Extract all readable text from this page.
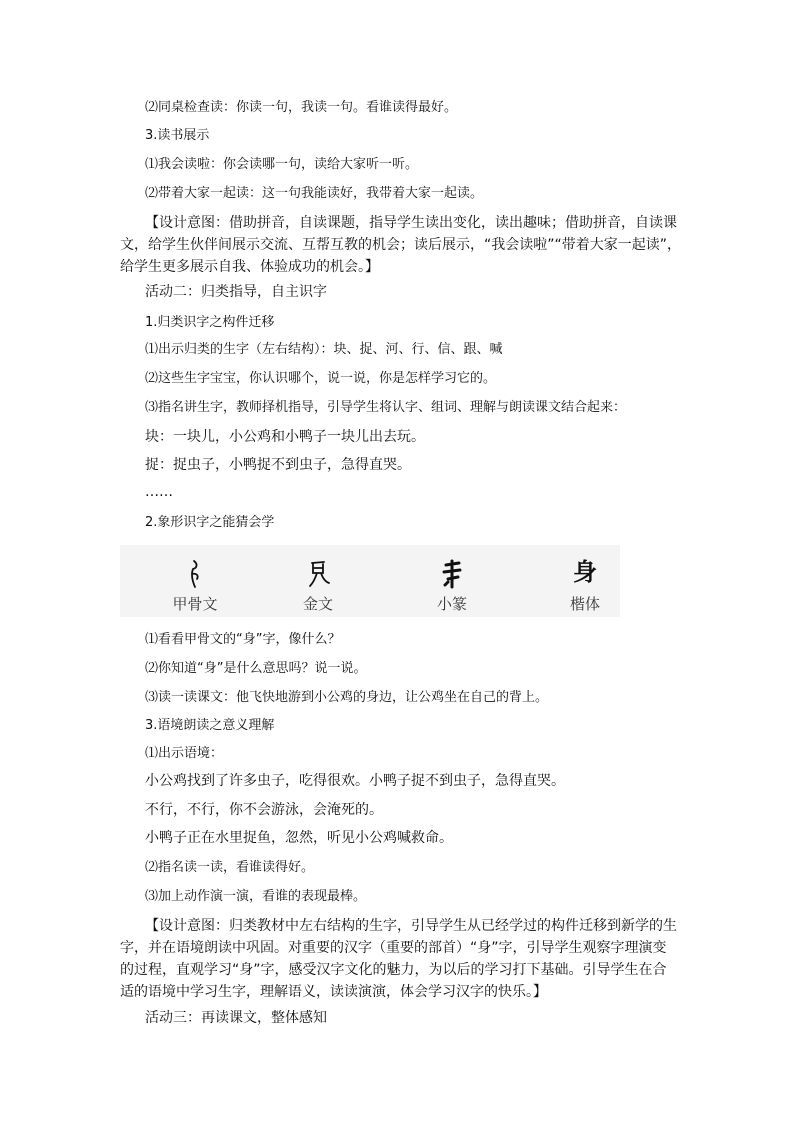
⑵同桌检查读：你读一句，我读一句。看谁读得最好。
3.读书展示
⑴我会读啦：你会读哪一句，读给大家听一听。
⑵带着大家一起读：这一句我能读好，我带着大家一起读。
【设计意图：借助拼音，自读课题，指导学生读出变化，读出趣味；借助拼音，自读课
文，给学生伙伴间展示交流、互帮互教的机会；读后展示，“我会读啦”“带着大家一起读”，
给学生更多展示自我、体验成功的机会。】
活动二：归类指导，自主识字
1.归类识字之构件迁移
⑴出示归类的生字（左右结构）：块、捉、河、行、信、跟、喊
⑵这些生字宝宝，你认识哪个，说一说，你是怎样学习它的。
⑶指名讲生字，教师择机指导，引导学生将认字、组词、理解与朗读课文结合起来：
块：一块儿，小公鸡和小鸭子一块儿出去玩。
捉：捉虫子，小鸭捉不到虫子，急得直哭。
……
2.象形识字之能猜会学
甲骨文	金文	小篆
身
楷体
⑴看看甲骨文的“身”字，像什么？
⑵你知道“身”是什么意思吗？说一说。
⑶读一读课文：他飞快地游到小公鸡的身边，让公鸡坐在自己的背上。
3.语境朗读之意义理解
⑴出示语境：
小公鸡找到了许多虫子，吃得很欢。小鸭子捉不到虫子，急得直哭。
不行，不行，你不会游泳，会淹死的。
小鸭子正在水里捉鱼，忽然，听见小公鸡喊救命。
⑵指名读一读，看谁读得好。
⑶加上动作演一演，看谁的表现最棒。
【设计意图：归类教材中左右结构的生字，引导学生从已经学过的构件迁移到新学的生
字，并在语境朗读中巩固。对重要的汉字（重要的部首）“身”字，引导学生观察字理演变
的过程，直观学习“身”字，感受汉字文化的魅力，为以后的学习打下基础。引导学生在合
适的语境中学习生字，理解语义，读读演演，体会学习汉字的快乐。】
活动三：再读课文，整体感知
